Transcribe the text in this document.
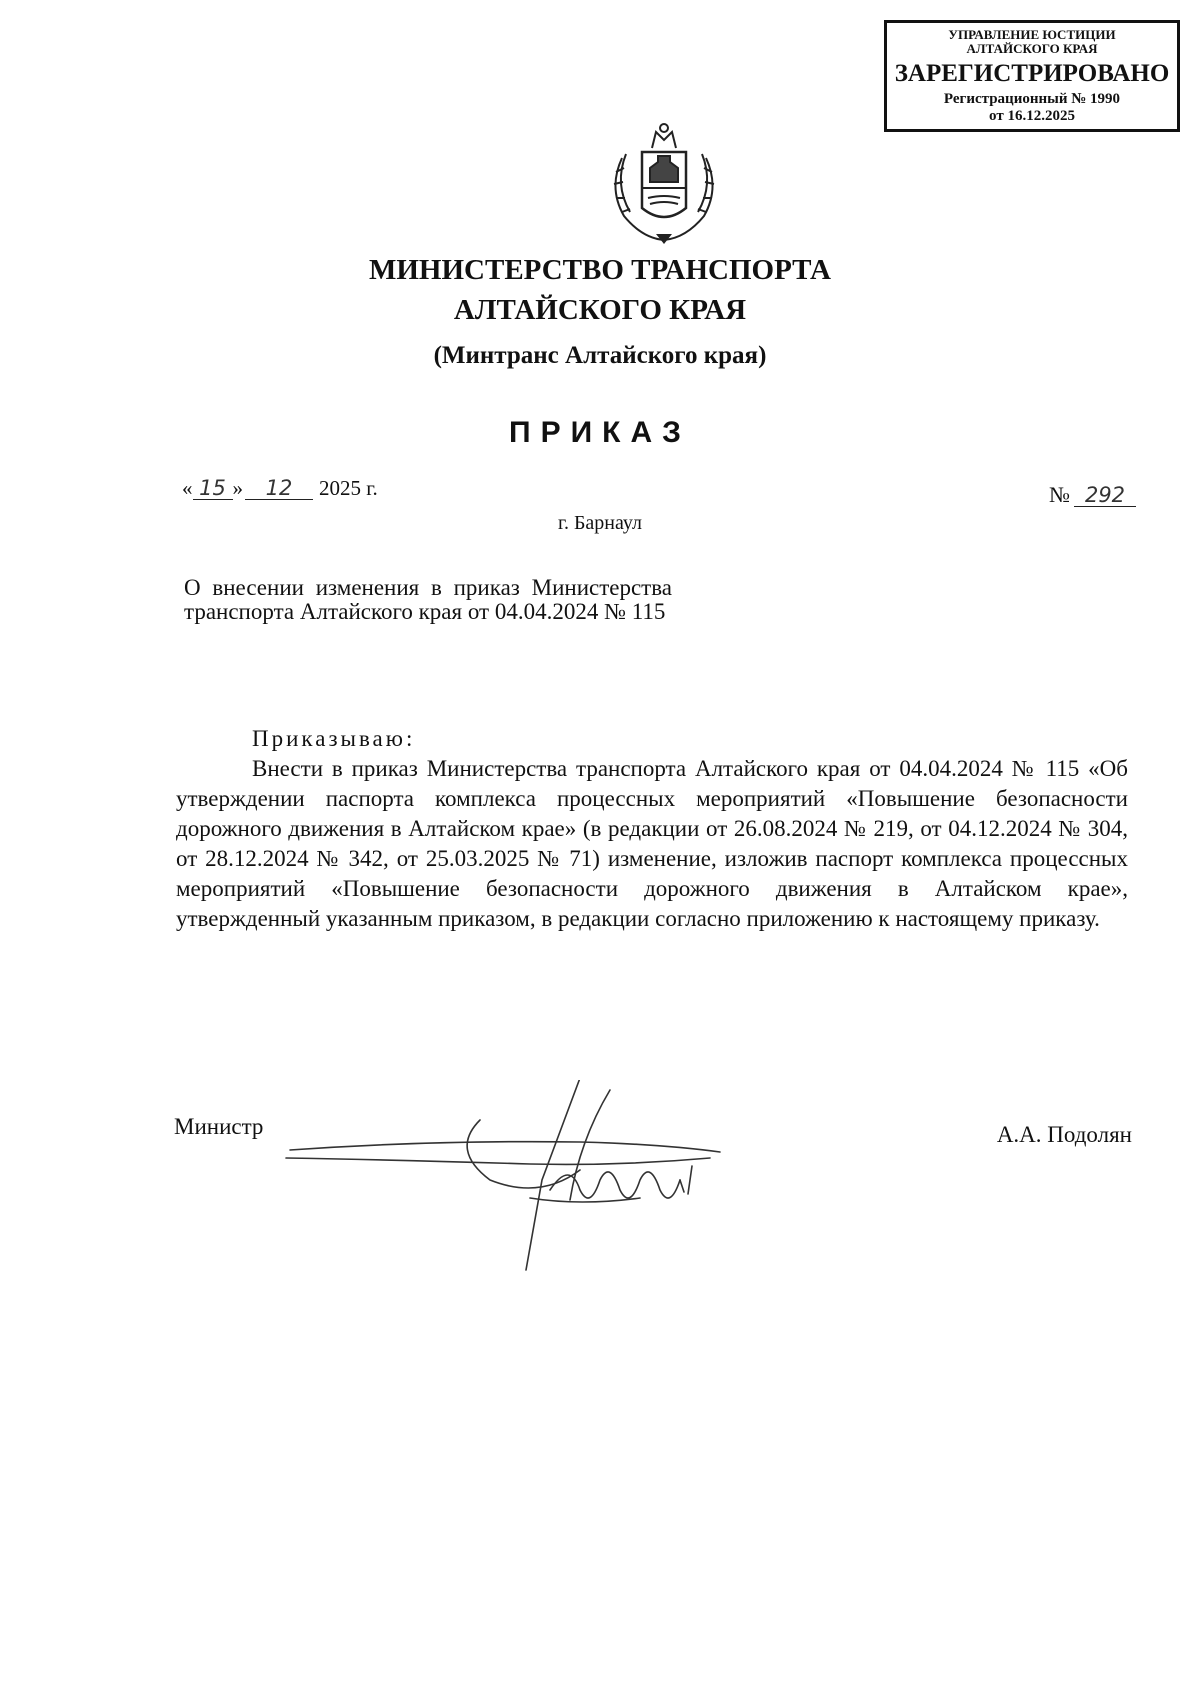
УПРАВЛЕНИЕ ЮСТИЦИИ
АЛТАЙСКОГО КРАЯ
ЗАРЕГИСТРИРОВАНО
Регистрационный № 1990
от 16.12.2025
МИНИСТЕРСТВО ТРАНСПОРТА
АЛТАЙСКОГО КРАЯ
(Минтранс Алтайского края)
ПРИКАЗ
« 15 » 12 2025 г.	№ 292
г. Барнаул
О внесении изменения в приказ Министерства транспорта Алтайского края от 04.04.2024 № 115
Приказываю:

Внести в приказ Министерства транспорта Алтайского края от 04.04.2024 № 115 «Об утверждении паспорта комплекса процессных мероприятий «Повышение безопасности дорожного движения в Алтайском крае» (в редакции от 26.08.2024 № 219, от 04.12.2024 № 304, от 28.12.2024 № 342, от 25.03.2025 № 71) изменение, изложив паспорт комплекса процессных мероприятий «Повышение безопасности дорожного движения в Алтайском крае», утвержденный указанным приказом, в редакции согласно приложению к настоящему приказу.

Министр	А.А. Подолян
